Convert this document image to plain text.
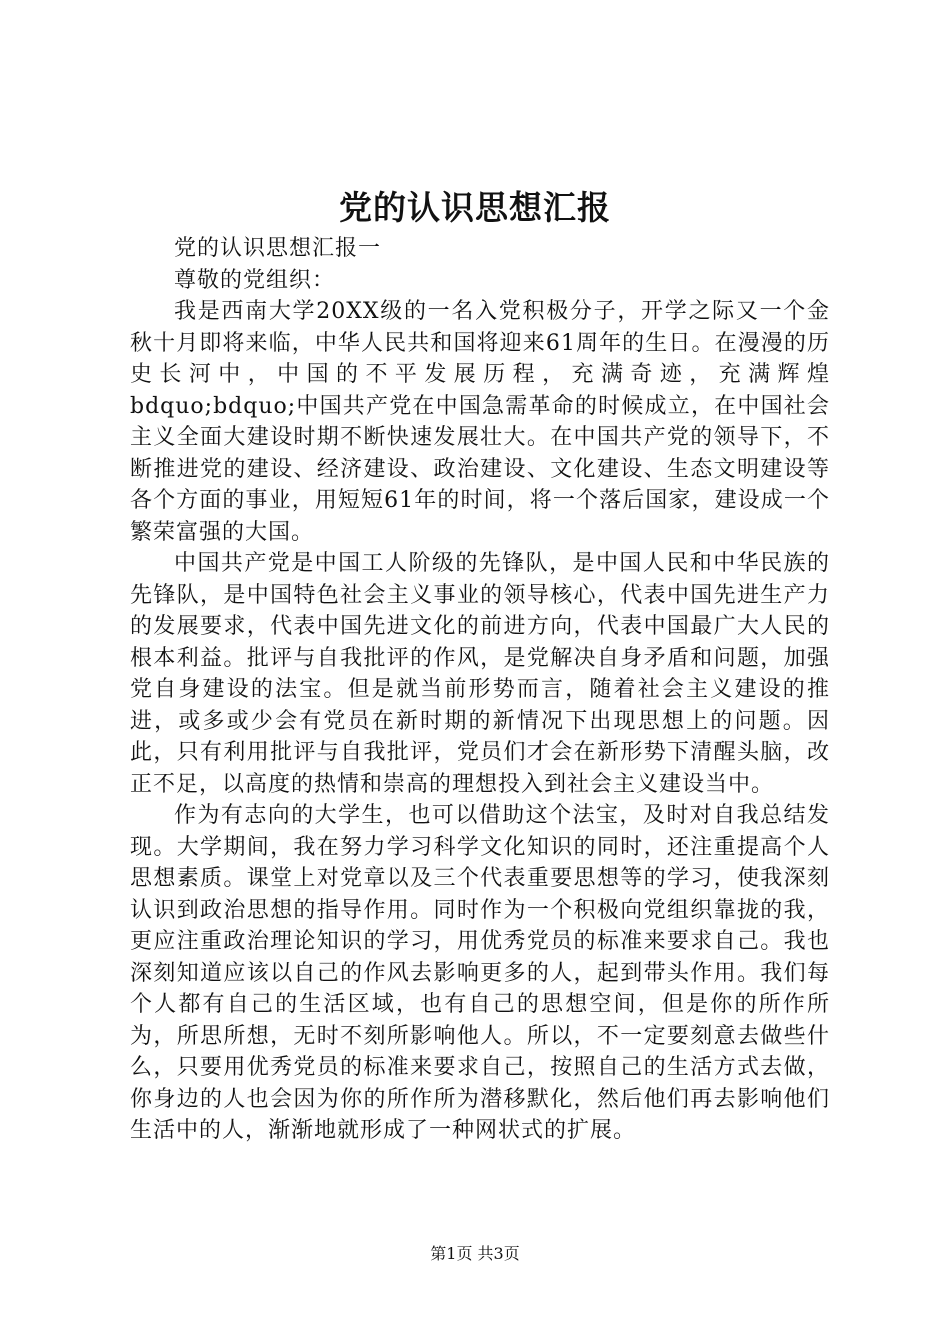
党的认识思想汇报

党的认识思想汇报一

尊敬的党组织：

我是西南大学20XX级的一名入党积极分子，开学之际又一个金秋十月即将来临，中华人民共和国将迎来61周年的生日。在漫漫的历史长河中，中国的不平发展历程，充满奇迹，充满辉煌bdquo;bdquo;中国共产党在中国急需革命的时候成立，在中国社会主义全面大建设时期不断快速发展壮大。在中国共产党的领导下，不断推进党的建设、经济建设、政治建设、文化建设、生态文明建设等各个方面的事业，用短短61年的时间，将一个落后国家，建设成一个繁荣富强的大国。

中国共产党是中国工人阶级的先锋队，是中国人民和中华民族的先锋队，是中国特色社会主义事业的领导核心，代表中国先进生产力的发展要求，代表中国先进文化的前进方向，代表中国最广大人民的根本利益。批评与自我批评的作风，是党解决自身矛盾和问题，加强党自身建设的法宝。但是就当前形势而言，随着社会主义建设的推进，或多或少会有党员在新时期的新情况下出现思想上的问题。因此，只有利用批评与自我批评，党员们才会在新形势下清醒头脑，改正不足，以高度的热情和崇高的理想投入到社会主义建设当中。

作为有志向的大学生，也可以借助这个法宝，及时对自我总结发现。大学期间，我在努力学习科学文化知识的同时，还注重提高个人思想素质。课堂上对党章以及三个代表重要思想等的学习，使我深刻认识到政治思想的指导作用。同时作为一个积极向党组织靠拢的我，更应注重政治理论知识的学习，用优秀党员的标准来要求自己。我也深刻知道应该以自己的作风去影响更多的人，起到带头作用。我们每个人都有自己的生活区域，也有自己的思想空间，但是你的所作所为，所思所想，无时不刻所影响他人。所以，不一定要刻意去做些什么，只要用优秀党员的标准来要求自己，按照自己的生活方式去做，你身边的人也会因为你的所作所为潜移默化，然后他们再去影响他们生活中的人，渐渐地就形成了一种网状式的扩展。

第1页 共3页
